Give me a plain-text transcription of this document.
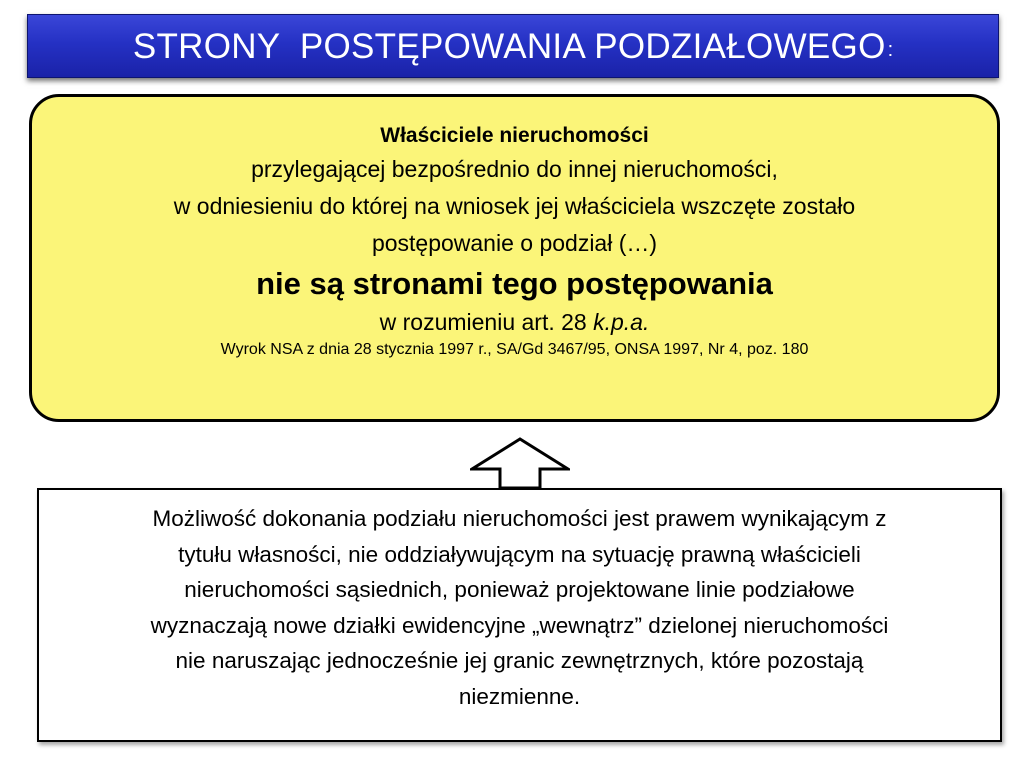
STRONY  POSTĘPOWANIA PODZIAŁOWEGO :
Właściciele nieruchomości
przylegającej bezpośrednio do innej nieruchomości,
w odniesieniu do której na wniosek jej właściciela wszczęte zostało
postępowanie o podział (…)
nie są stronami tego postępowania
w rozumieniu art. 28 k.p.a.
Wyrok NSA z dnia 28 stycznia 1997 r., SA/Gd 3467/95, ONSA 1997, Nr 4, poz. 180
Możliwość dokonania podziału nieruchomości jest prawem wynikającym z
tytułu własności, nie oddziaływującym na sytuację prawną właścicieli
nieruchomości sąsiednich, ponieważ projektowane linie podziałowe
wyznaczają nowe działki ewidencyjne „wewnątrz” dzielonej nieruchomości
nie naruszając jednocześnie jej granic zewnętrznych, które pozostają
niezmienne.
